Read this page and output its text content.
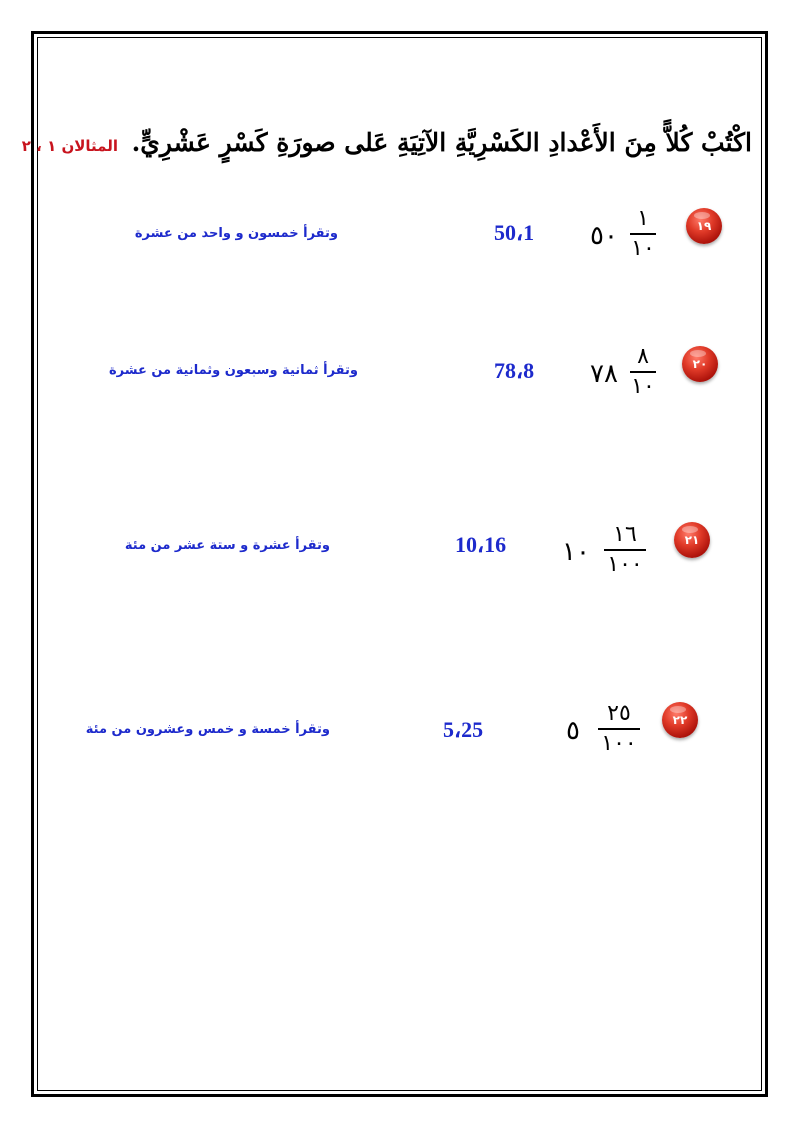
اكْتُبْ كُلاًّ مِنَ الأَعْدادِ الكَسْرِيَّةِ الآتِيَةِ عَلى صورَةِ كَسْرٍ عَشْرِيٍّ. المثالان ١ ، ٢
١٩
٥٠
١
١٠
50،1
وتقرأ خمسون و واحد من عشرة
٢٠
٧٨
٨
١٠
78،8
وتقرأ ثمانية وسبعون وثمانية من عشرة
٢١
١٠
١٦
١٠٠
10،16
وتقرأ عشرة و ستة عشر من مئة
٢٢
٥
٢٥
١٠٠
5،25
وتقرأ خمسة و خمس وعشرون من مئة
